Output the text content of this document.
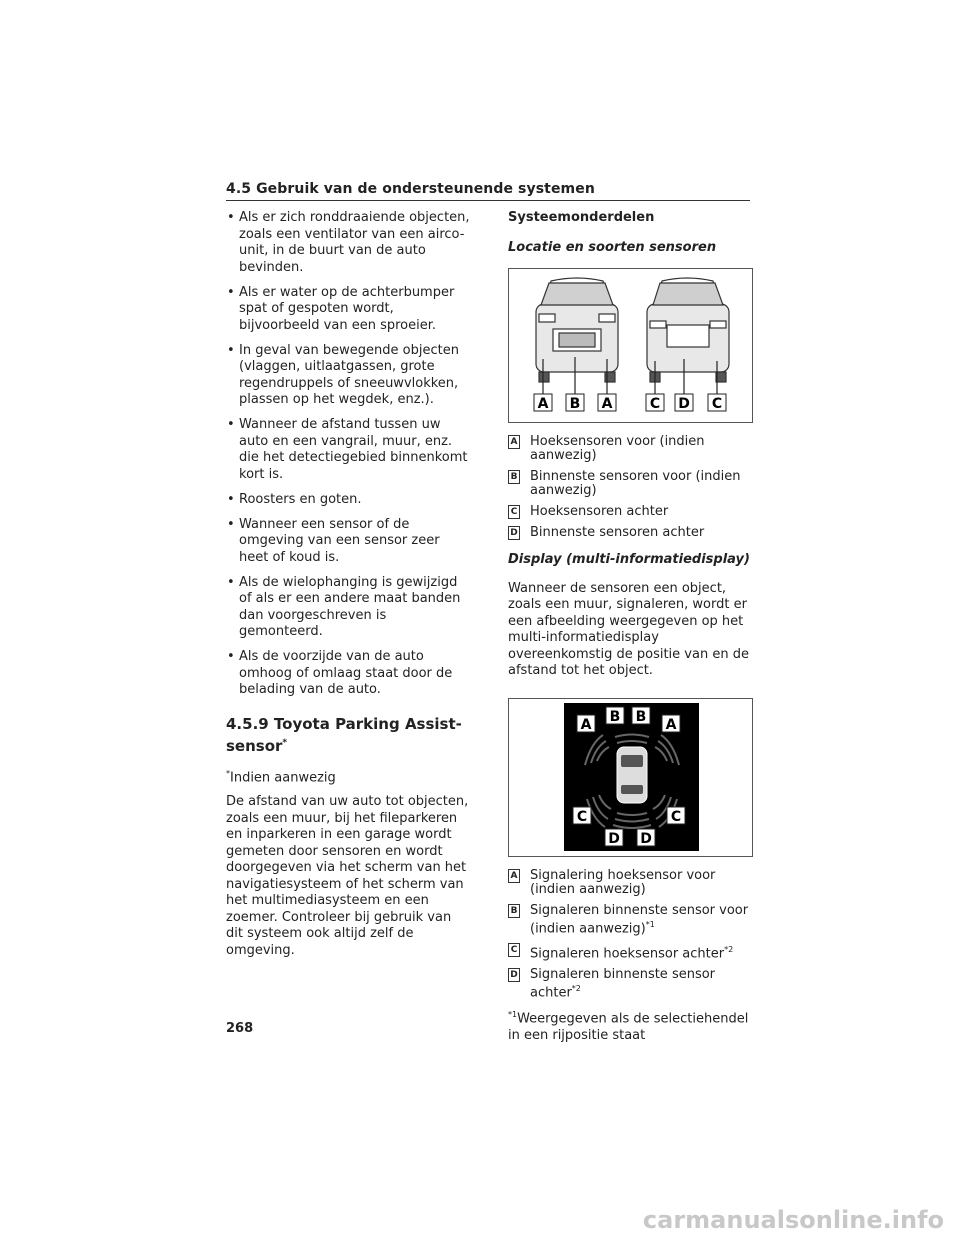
4.5 Gebruik van de ondersteunende systemen
• Als er zich ronddraaiende objecten, zoals een ventilator van een airco-unit, in de buurt van de auto bevinden.
• Als er water op de achterbumper spat of gespoten wordt, bijvoorbeeld van een sproeier.
• In geval van bewegende objecten (vlaggen, uitlaatgassen, grote regendruppels of sneeuwvlokken, plassen op het wegdek, enz.).
• Wanneer de afstand tussen uw auto en een vangrail, muur, enz. die het detectiegebied binnenkomt kort is.
• Roosters en goten.
• Wanneer een sensor of de omgeving van een sensor zeer heet of koud is.
• Als de wielophanging is gewijzigd of als er een andere maat banden dan voorgeschreven is gemonteerd.
• Als de voorzijde van de auto omhoog of omlaag staat door de belading van de auto.
4.5.9 Toyota Parking Assist-sensor*

*Indien aanwezig

De afstand van uw auto tot objecten, zoals een muur, bij het fileparkeren en inparkeren in een garage wordt gemeten door sensoren en wordt doorgegeven via het scherm van het navigatiesysteem of het scherm van het multimediasysteem en een zoemer. Controleer bij gebruik van dit systeem ook altijd zelf de omgeving.

Systeemonderdelen
Locatie en soorten sensoren
A B A	C D C
A Hoeksensoren voor (indien aanwezig)
B Binnenste sensoren voor (indien aanwezig)
C Hoeksensoren achter
D Binnenste sensoren achter
Display (multi-informatiedisplay)

Wanneer de sensoren een object, zoals een muur, signaleren, wordt er een afbeelding weergegeven op het multi-informatiedisplay overeenkomstig de positie van en de afstand tot het object.

A B B A
C	C
D D
A Signalering hoeksensor voor (indien aanwezig)
B Signaleren binnenste sensor voor (indien aanwezig)$^{*1}$
C Signaleren hoeksensor achter$^{*2}$
D Signaleren binnenste sensor achter$^{*2}$

$^{*1}$Weergegeven als de selectiehendel in een rijpositie staat

268
carmanualsonline.info
